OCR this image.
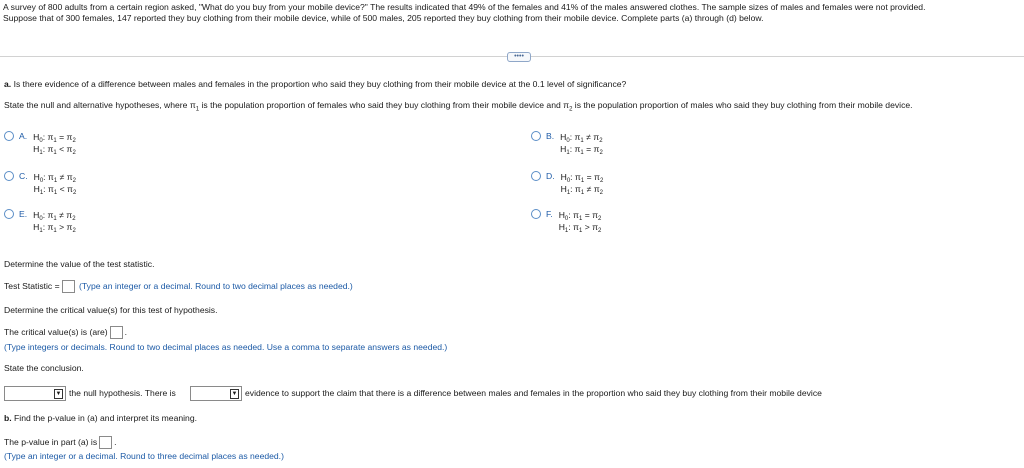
A survey of 800 adults from a certain region asked, "What do you buy from your mobile device?" The results indicated that 49% of the females and 41% of the males answered clothes. The sample sizes of males and females were not provided.
Suppose that of 300 females, 147 reported they buy clothing from their mobile device, while of 500 males, 205 reported they buy clothing from their mobile device. Complete parts (a) through (d) below.
••••
a. Is there evidence of a difference between males and females in the proportion who said they buy clothing from their mobile device at the 0.1 level of significance?
State the null and alternative hypotheses, where $\pi_1$ is the population proportion of females who said they buy clothing from their mobile device and $\pi_2$ is the population proportion of males who said they buy clothing from their mobile device.
A. $H_0$: $\pi_1 = \pi_2$
$H_1$: $\pi_1 < \pi_2$
B. $H_0$: $\pi_1 \ne \pi_2$
$H_1$: $\pi_1 = \pi_2$
C. $H_0$: $\pi_1 \ne \pi_2$
$H_1$: $\pi_1 < \pi_2$
D. $H_0$: $\pi_1 = \pi_2$
$H_1$: $\pi_1 \ne \pi_2$
E. $H_0$: $\pi_1 \ne \pi_2$
$H_1$: $\pi_1 > \pi_2$
F. $H_0$: $\pi_1 = \pi_2$
$H_1$: $\pi_1 > \pi_2$
Determine the value of the test statistic.
Test Statistic = (Type an integer or a decimal. Round to two decimal places as needed.)
Determine the critical value(s) for this test of hypothesis.
The critical value(s) is (are) .
(Type integers or decimals. Round to two decimal places as needed. Use a comma to separate answers as needed.)
State the conclusion.
▼ the null hypothesis. There is	▼ evidence to support the claim that there is a difference between males and females in the proportion who said they buy clothing from their mobile device
b. Find the p-value in (a) and interpret its meaning.
The p-value in part (a) is .
(Type an integer or a decimal. Round to three decimal places as needed.)
